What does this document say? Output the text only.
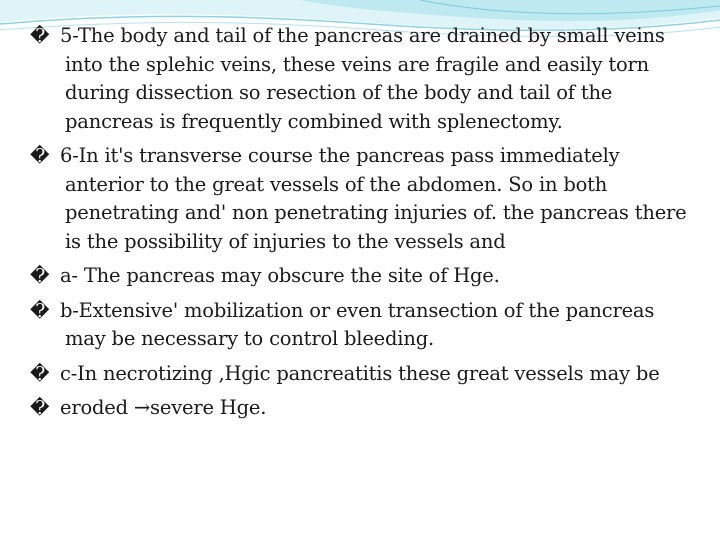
� 5-The body and tail of the pancreas are drained by small veins into the splehic veins, these veins are fragile and easily torn during dissection so resection of the body and tail of the pancreas is frequently combined with splenectomy.

� 6-In it's transverse course the pancreas pass immediately anterior to the great vessels of the abdomen. So in both penetrating and' non penetrating injuries of. the pancreas there is the possibility of injuries to the vessels and

� a- The pancreas may obscure the site of Hge.

� b-Extensive' mobilization or even transection of the pancreas may be necessary to control bleeding.

� c-In necrotizing ,Hgic pancreatitis these great vessels may be

� eroded →severe Hge.
